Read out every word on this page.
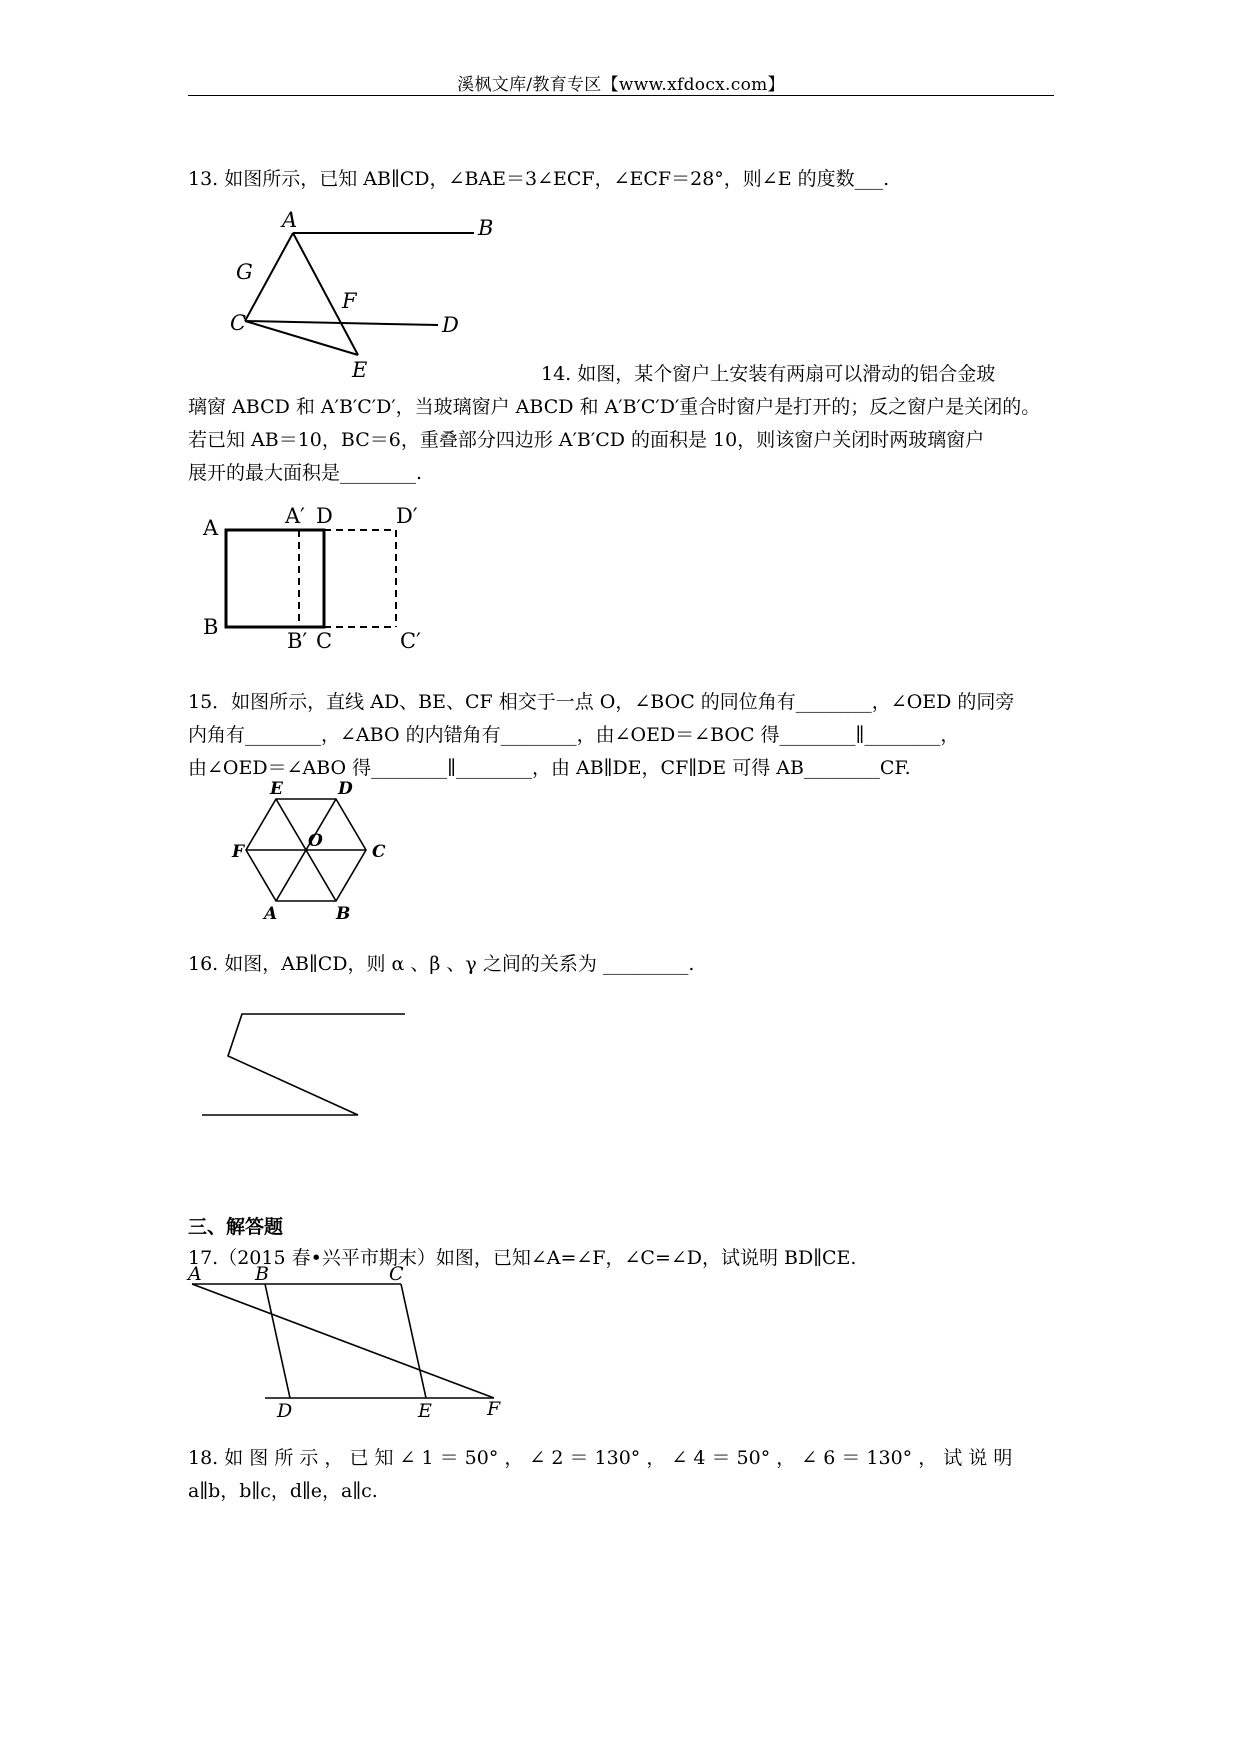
溪枫文库/教育专区【www.xfdocx.com】
13. 如图所示，已知 AB∥CD，∠BAE＝3∠ECF，∠ECF＝28°，则∠E 的度数___.
A	B
C	D
E
F
G
14. 如图，某个窗户上安装有两扇可以滑动的铝合金玻
璃窗 ABCD 和 A′B′C′D′，当玻璃窗户 ABCD 和 A′B′C′D′重合时窗户是打开的；反之窗户是关闭的。
若已知 AB＝10，BC＝6，重叠部分四边形 A′B′CD 的面积是 10，则该窗户关闭时两玻璃窗户
展开的最大面积是________.
A	A′ D	D′
B
B′ C	C′
15．如图所示，直线 AD、BE、CF 相交于一点 O，∠BOC 的同位角有________，∠OED 的同旁
内角有________，∠ABO 的内错角有________，由∠OED＝∠BOC 得________∥________，
由∠OED＝∠ABO 得________∥________，由 AB∥DE，CF∥DE 可得 AB________CF.
E	D
F
O
C
A	B
16. 如图，AB∥CD，则 α 、β 、γ 之间的关系为 _________.
三、解答题
17.（2015 春•兴平市期末）如图，已知∠A=∠F，∠C=∠D，试说明 BD∥CE.
A	B	C
D	E	F
18. 如 图 所 示 ， 已 知 ∠ 1 ＝ 50° ， ∠ 2 ＝ 130° ， ∠ 4 ＝ 50° ， ∠ 6 ＝ 130° ， 试 说 明
a∥b，b∥c，d∥e，a∥c.
